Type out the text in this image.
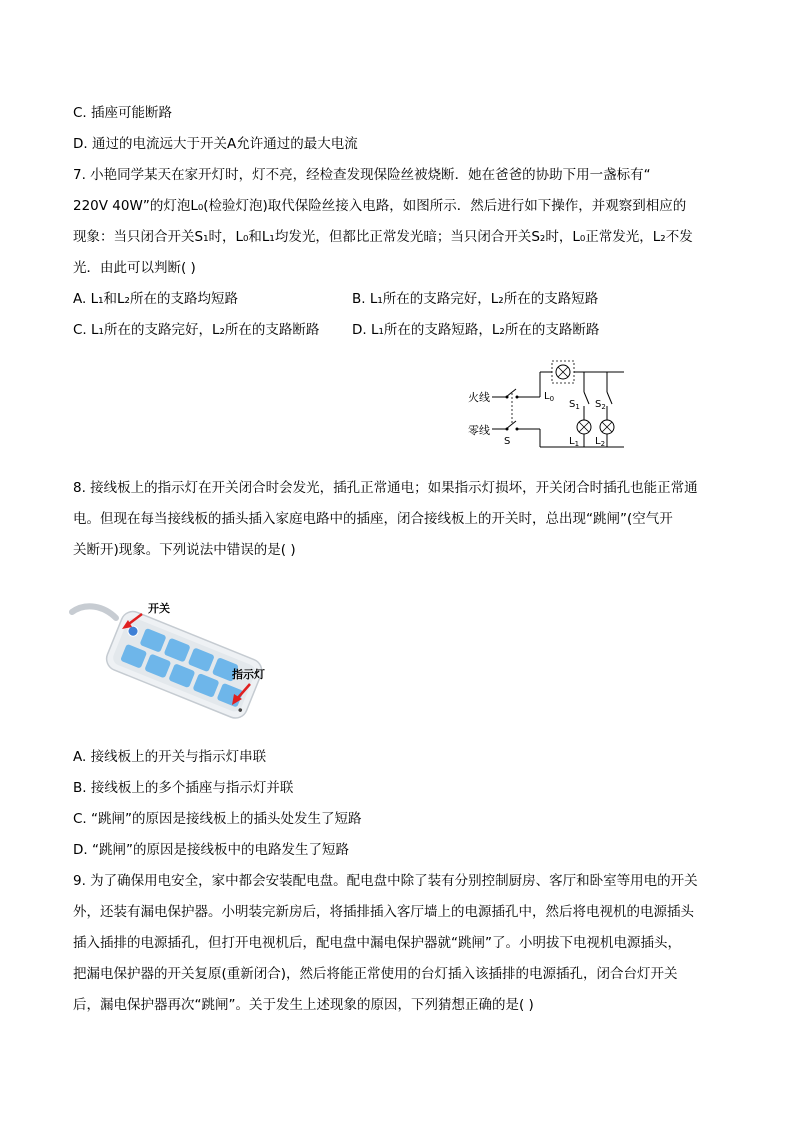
C. 插座可能断路
D. 通过的电流远大于开关A允许通过的最大电流
7. 小艳同学某天在家开灯时，灯不亮，经检查发现保险丝被烧断．她在爸爸的协助下用一盏标有“
220V 40W”的灯泡L₀(检验灯泡)取代保险丝接入电路，如图所示．然后进行如下操作，并观察到相应的
现象：当只闭合开关S₁时，L₀和L₁均发光，但都比正常发光暗；当只闭合开关S₂时，L₀正常发光，L₂不发
光．由此可以判断( )
A. L₁和L₂所在的支路均短路	B. L₁所在的支路完好，L₂所在的支路短路
C. L₁所在的支路完好，L₂所在的支路断路 D. L₁所在的支路短路，L₂所在的支路断路
火线
零线
S
$L_0$ $S_1$ $S_2$
$L_1$ $L_2$
8. 接线板上的指示灯在开关闭合时会发光，插孔正常通电；如果指示灯损坏，开关闭合时插孔也能正常通
电。但现在每当接线板的插头插入家庭电路中的插座，闭合接线板上的开关时，总出现“跳闸”(空气开
关断开)现象。下列说法中错误的是( )
开关
指示灯
A. 接线板上的开关与指示灯串联
B. 接线板上的多个插座与指示灯并联
C. “跳闸”的原因是接线板上的插头处发生了短路
D. “跳闸”的原因是接线板中的电路发生了短路
9. 为了确保用电安全，家中都会安装配电盘。配电盘中除了装有分别控制厨房、客厅和卧室等用电的开关
外，还装有漏电保护器。小明装完新房后，将插排插入客厅墙上的电源插孔中，然后将电视机的电源插头
插入插排的电源插孔，但打开电视机后，配电盘中漏电保护器就“跳闸”了。小明拔下电视机电源插头，
把漏电保护器的开关复原(重新闭合)，然后将能正常使用的台灯插入该插排的电源插孔，闭合台灯开关
后，漏电保护器再次“跳闸”。关于发生上述现象的原因，下列猜想正确的是( )
